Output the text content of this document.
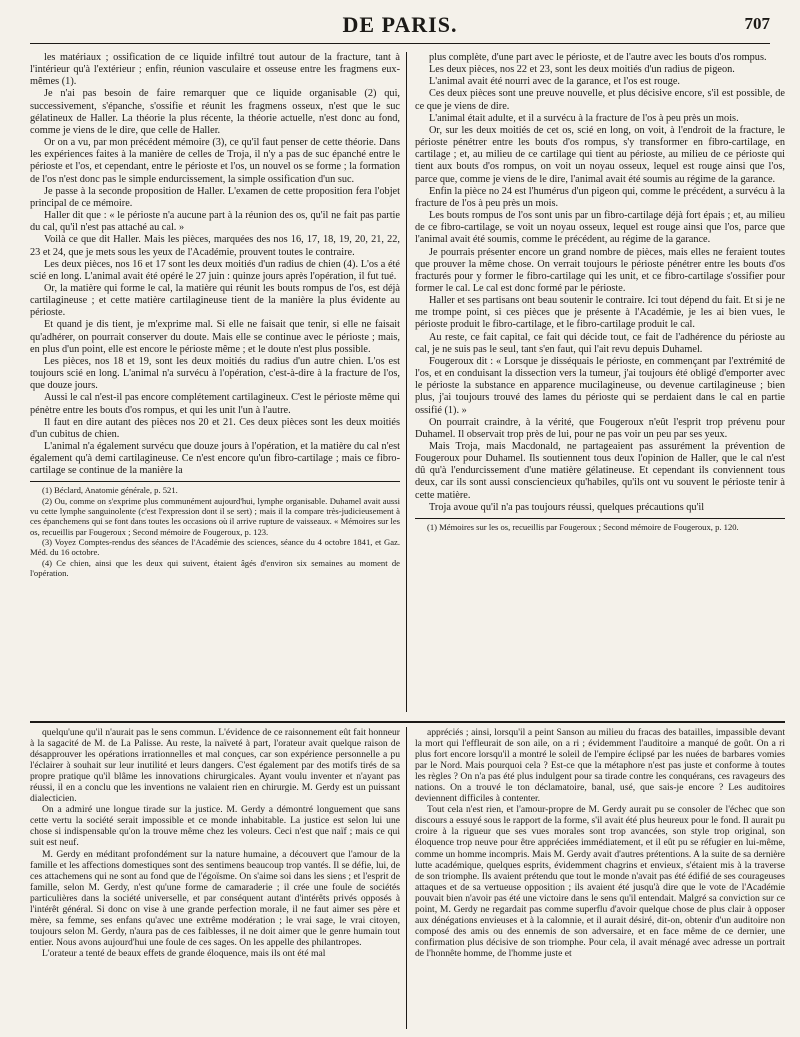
DE PARIS.	707

les matériaux ; ossification de ce liquide infiltré tout autour de la fracture, tant à l'intérieur qu'à l'extérieur ; enfin, réunion vasculaire et osseuse entre les fragmens eux-mêmes (1).

Je n'ai pas besoin de faire remarquer que ce liquide organisable (2) qui, successivement, s'épanche, s'ossifie et réunit les fragmens osseux, n'est que le suc gélatineux de Haller. La théorie la plus récente, la théorie actuelle, n'est donc au fond, comme je viens de le dire, que celle de Haller.

Or on a vu, par mon précédent mémoire (3), ce qu'il faut penser de cette théorie. Dans les expériences faites à la manière de celles de Troja, il n'y a pas de suc épanché entre le périoste et l'os, et cependant, entre le périoste et l'os, un nouvel os se forme ; la formation de l'os n'est donc pas le simple endurcissement, la simple ossification d'un suc.

Je passe à la seconde proposition de Haller. L'examen de cette proposition fera l'objet principal de ce mémoire.

Haller dit que : « le périoste n'a aucune part à la réunion des os, qu'il ne fait pas partie du cal, qu'il n'est pas attaché au cal. »

Voilà ce que dit Haller. Mais les pièces, marquées des nos 16, 17, 18, 19, 20, 21, 22, 23 et 24, que je mets sous les yeux de l'Académie, prouvent toutes le contraire.

Les deux pièces, nos 16 et 17 sont les deux moitiés d'un radius de chien (4). L'os a été scié en long. L'animal avait été opéré le 27 juin : quinze jours après l'opération, il fut tué.

Or, la matière qui forme le cal, la matière qui réunit les bouts rompus de l'os, est déjà cartilagineuse ; et cette matière cartilagineuse tient de la manière la plus évidente au périoste.

Et quand je dis tient, je m'exprime mal. Si elle ne faisait que tenir, si elle ne faisait qu'adhérer, on pourrait conserver du doute. Mais elle se continue avec le périoste ; mais, en plus d'un point, elle est encore le périoste même ; et le doute n'est plus possible.

Les pièces, nos 18 et 19, sont les deux moitiés du radius d'un autre chien. L'os est toujours scié en long. L'animal n'a survécu à l'opération, c'est-à-dire à la fracture de l'os, que douze jours.

Aussi le cal n'est-il pas encore complétement cartilagineux. C'est le périoste même qui pénètre entre les bouts d'os rompus, et qui les unit l'un à l'autre.

Il faut en dire autant des pièces nos 20 et 21. Ces deux pièces sont les deux moitiés d'un cubitus de chien.

L'animal n'a également survécu que douze jours à l'opération, et la matière du cal n'est également qu'à demi cartilagineuse. Ce n'est encore qu'un fibro-cartilage ; mais ce fibro-cartilage se continue de la manière la

(1) Béclard, Anatomie générale, p. 521.

(2) Ou, comme on s'exprime plus communément aujourd'hui, lymphe organisable. Duhamel avait aussi vu cette lymphe sanguinolente (c'est l'expression dont il se sert) ; mais il la compare très-judicieusement à ces épanchemens qui se font dans toutes les occasions où il arrive rupture de vaisseaux. « Mémoires sur les os, recueillis par Fougeroux ; Second mémoire de Fougeroux, p. 123.

(3) Voyez Comptes-rendus des séances de l'Académie des sciences, séance du 4 octobre 1841, et Gaz. Méd. du 16 octobre.

(4) Ce chien, ainsi que les deux qui suivent, étaient âgés d'environ six semaines au moment de l'opération.

plus complète, d'une part avec le périoste, et de l'autre avec les bouts d'os rompus.

Les deux pièces, nos 22 et 23, sont les deux moitiés d'un radius de pigeon.

L'animal avait été nourri avec de la garance, et l'os est rouge.

Ces deux pièces sont une preuve nouvelle, et plus décisive encore, s'il est possible, de ce que je viens de dire.

L'animal était adulte, et il a survécu à la fracture de l'os à peu près un mois.

Or, sur les deux moitiés de cet os, scié en long, on voit, à l'endroit de la fracture, le périoste pénétrer entre les bouts d'os rompus, s'y transformer en fibro-cartilage, en cartilage ; et, au milieu de ce cartilage qui tient au périoste, au milieu de ce périoste qui tient aux bouts d'os rompus, on voit un noyau osseux, lequel est rouge ainsi que l'os, parce que, comme je viens de le dire, l'animal avait été soumis au régime de la garance.

Enfin la pièce no 24 est l'humérus d'un pigeon qui, comme le précédent, a survécu à la fracture de l'os à peu près un mois.

Les bouts rompus de l'os sont unis par un fibro-cartilage déjà fort épais ; et, au milieu de ce fibro-cartilage, se voit un noyau osseux, lequel est rouge ainsi que l'os, parce que l'animal avait été soumis, comme le précédent, au régime de la garance.

Je pourrais présenter encore un grand nombre de pièces, mais elles ne feraient toutes que prouver la même chose. On verrait toujours le périoste pénétrer entre les bouts d'os fracturés pour y former le fibro-cartilage qui les unit, et ce fibro-cartilage s'ossifier pour former le cal. Le cal est donc formé par le périoste.

Haller et ses partisans ont beau soutenir le contraire. Ici tout dépend du fait. Et si je ne me trompe point, si ces pièces que je présente à l'Académie, je les ai bien vues, le périoste produit le fibro-cartilage, et le fibro-cartilage produit le cal.

Au reste, ce fait capital, ce fait qui décide tout, ce fait de l'adhérence du périoste au cal, je ne suis pas le seul, tant s'en faut, qui l'ait revu depuis Duhamel.

Fougeroux dit : « Lorsque je disséquais le périoste, en commençant par l'extrémité de l'os, et en conduisant la dissection vers la tumeur, j'ai toujours été obligé d'emporter avec le périoste la substance en apparence mucilagineuse, ou devenue cartilagineuse ; bien plus, j'ai toujours trouvé des lames du périoste qui se perdaient dans le cal en partie ossifié (1). »

On pourrait craindre, à la vérité, que Fougeroux n'eût l'esprit trop prévenu pour Duhamel. Il observait trop près de lui, pour ne pas voir un peu par ses yeux.

Mais Troja, mais Macdonald, ne partageaient pas assurément la prévention de Fougeroux pour Duhamel. Ils soutiennent tous deux l'opinion de Haller, que le cal n'est dû qu'à l'endurcissement d'une matière gélatineuse. Et cependant ils conviennent tous deux, car ils sont aussi consciencieux qu'habiles, qu'ils ont vu souvent le périoste tenir à cette matière.

Troja avoue qu'il n'a pas toujours réussi, quelques précautions qu'il

(1) Mémoires sur les os, recueillis par Fougeroux ; Second mémoire de Fougeroux, p. 120.

quelqu'une qu'il n'aurait pas le sens commun. L'évidence de ce raisonnement eût fait honneur à la sagacité de M. de La Palisse. Au reste, la naïveté à part, l'orateur avait quelque raison de désapprouver les opérations irrationnelles et mal conçues, car son expérience personnelle a pu l'éclairer à souhait sur leur inutilité et leurs dangers. C'est également par des motifs tirés de sa propre pratique qu'il blâme les innovations chirurgicales. Ayant voulu inventer et n'ayant pas réussi, il en a conclu que les inventions ne valaient rien en chirurgie. M. Gerdy est un puissant dialecticien.

On a admiré une longue tirade sur la justice. M. Gerdy a démontré longuement que sans cette vertu la société serait impossible et ce monde inhabitable. La justice est selon lui une chose si indispensable qu'on la trouve même chez les voleurs. Ceci n'est que naïf ; mais ce qui suit est neuf.

M. Gerdy en méditant profondément sur la nature humaine, a découvert que l'amour de la famille et les affections domestiques sont des sentimens beaucoup trop vantés. Il se défie, lui, de ces attachemens qui ne sont au fond que de l'égoïsme. On s'aime soi dans les siens ; et l'esprit de famille, selon M. Gerdy, n'est qu'une forme de camaraderie ; il crée une foule de sociétés particulières dans la société universelle, et par conséquent autant d'intérêts privés opposés à l'intérêt général. Si donc on vise à une grande perfection morale, il ne faut aimer ses père et mère, sa femme, ses enfans qu'avec une extrême modération ; le vrai sage, le vrai citoyen, toujours selon M. Gerdy, n'aura pas de ces faiblesses, il ne doit aimer que le genre humain tout entier. Nous avons aujourd'hui une foule de ces sages. On les appelle des philantropes.

L'orateur a tenté de beaux effets de grande éloquence, mais ils ont été mal

appréciés ; ainsi, lorsqu'il a peint Sanson au milieu du fracas des batailles, impassible devant la mort qui l'effleurait de son aile, on a ri ; évidemment l'auditoire a manqué de goût. On a ri plus fort encore lorsqu'il a montré le soleil de l'empire éclipsé par les nuées de barbares vomies par le Nord. Mais pourquoi cela ? Est-ce que la métaphore n'est pas juste et conforme à toutes les règles ? On n'a pas été plus indulgent pour sa tirade contre les conquérans, ces ravageurs des nations. On a trouvé le ton déclamatoire, banal, usé, que sais-je encore ? Les auditoires deviennent difficiles à contenter.

Tout cela n'est rien, et l'amour-propre de M. Gerdy aurait pu se consoler de l'échec que son discours a essuyé sous le rapport de la forme, s'il avait été plus heureux pour le fond. Il aurait pu croire à la rigueur que ses vues morales sont trop avancées, son style trop original, son éloquence trop neuve pour être appréciées immédiatement, et il eût pu se réfugier en lui-même, comme un homme incompris. Mais M. Gerdy avait d'autres prétentions. A la suite de sa dernière lutte académique, quelques esprits, évidemment chagrins et envieux, s'étaient mis à la traverse de son triomphe. Ils avaient prétendu que tout le monde n'avait pas été édifié de ses courageuses attaques et de sa vertueuse opposition ; ils avaient été jusqu'à dire que le vote de l'Académie pouvait bien n'avoir pas été une victoire dans le sens qu'il entendait. Malgré sa conviction sur ce point, M. Gerdy ne regardait pas comme superflu d'avoir quelque chose de plus clair à opposer aux dénégations envieuses et à la calomnie, et il aurait désiré, dit-on, obtenir d'un auditoire non composé des amis ou des ennemis de son adversaire, et en face même de ce dernier, une confirmation plus décisive de son triomphe. Pour cela, il avait ménagé avec adresse un portrait de l'honnête homme, de l'homme juste et
